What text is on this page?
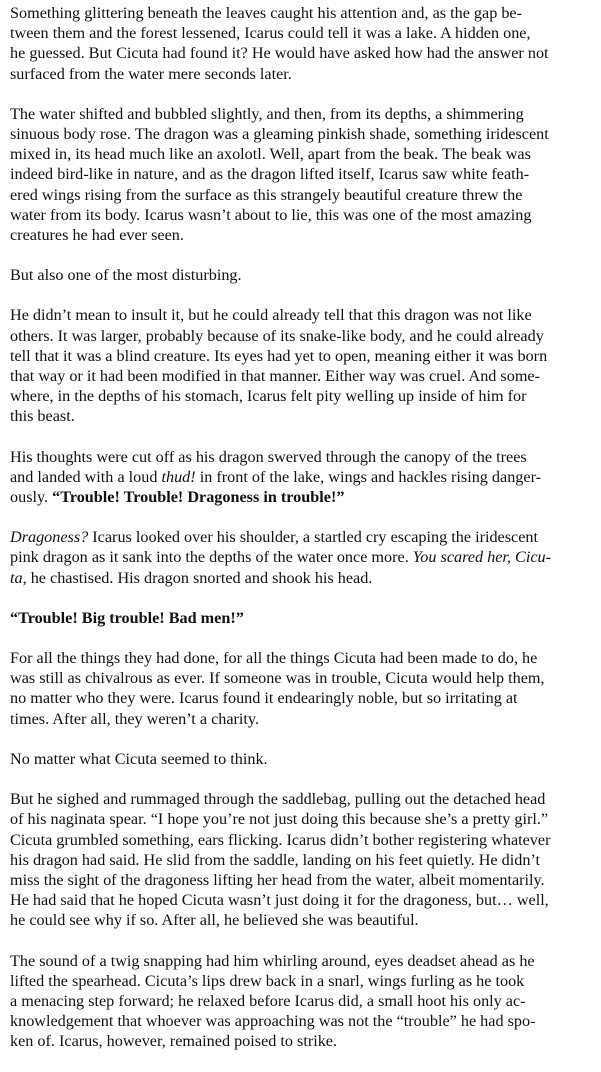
Something glittering beneath the leaves caught his attention and, as the gap be-
tween them and the forest lessened, Icarus could tell it was a lake. A hidden one,
he guessed. But Cicuta had found it? He would have asked how had the answer not
surfaced from the water mere seconds later.

The water shifted and bubbled slightly, and then, from its depths, a shimmering
sinuous body rose. The dragon was a gleaming pinkish shade, something iridescent
mixed in, its head much like an axolotl. Well, apart from the beak. The beak was
indeed bird-like in nature, and as the dragon lifted itself, Icarus saw white feath-
ered wings rising from the surface as this strangely beautiful creature threw the
water from its body. Icarus wasn’t about to lie, this was one of the most amazing
creatures he had ever seen.

But also one of the most disturbing.

He didn’t mean to insult it, but he could already tell that this dragon was not like
others. It was larger, probably because of its snake-like body, and he could already
tell that it was a blind creature. Its eyes had yet to open, meaning either it was born
that way or it had been modified in that manner. Either way was cruel. And some-
where, in the depths of his stomach, Icarus felt pity welling up inside of him for
this beast.

His thoughts were cut off as his dragon swerved through the canopy of the trees
and landed with a loud thud! in front of the lake, wings and hackles rising danger-
ously. “Trouble! Trouble! Dragoness in trouble!”

Dragoness? Icarus looked over his shoulder, a startled cry escaping the iridescent
pink dragon as it sank into the depths of the water once more. You scared her, Cicu-
ta, he chastised. His dragon snorted and shook his head.

“Trouble! Big trouble! Bad men!”

For all the things they had done, for all the things Cicuta had been made to do, he
was still as chivalrous as ever. If someone was in trouble, Cicuta would help them,
no matter who they were. Icarus found it endearingly noble, but so irritating at
times. After all, they weren’t a charity.

No matter what Cicuta seemed to think.

But he sighed and rummaged through the saddlebag, pulling out the detached head
of his naginata spear. “I hope you’re not just doing this because she’s a pretty girl.”
Cicuta grumbled something, ears flicking. Icarus didn’t bother registering whatever
his dragon had said. He slid from the saddle, landing on his feet quietly. He didn’t
miss the sight of the dragoness lifting her head from the water, albeit momentarily.
He had said that he hoped Cicuta wasn’t just doing it for the dragoness, but… well,
he could see why if so. After all, he believed she was beautiful.

The sound of a twig snapping had him whirling around, eyes deadset ahead as he
lifted the spearhead. Cicuta’s lips drew back in a snarl, wings furling as he took
a menacing step forward; he relaxed before Icarus did, a small hoot his only ac-
knowledgement that whoever was approaching was not the “trouble” he had spo-
ken of. Icarus, however, remained poised to strike.
